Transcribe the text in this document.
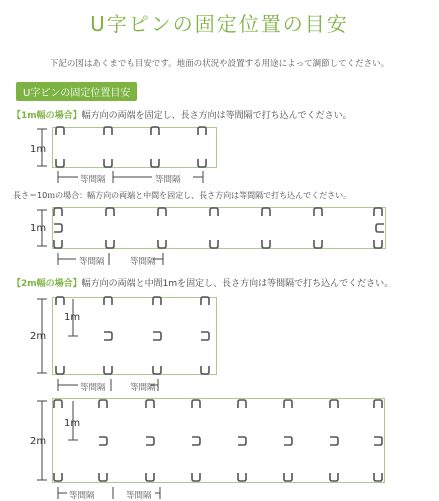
U字ピンの固定位置の目安
下記の図はあくまでも目安です。地面の状況や設置する用途によって調節してください。
U字ピンの固定位置目安
【1m幅の場合】幅方向の両端を固定し、長さ方向は等間隔で打ち込んでください。
1m
等間隔	等間隔
長さ＝10ｍの場合：幅方向の両端と中間を固定し、長さ方向は等間隔で打ち込んでください。
1m
等間隔	等間隔
【2m幅の場合】幅方向の両端と中間1mを固定し、長さ方向は等間隔で打ち込んでください。
2m
1m
等間隔	等間隔
2m
1m
等間隔	等間隔
